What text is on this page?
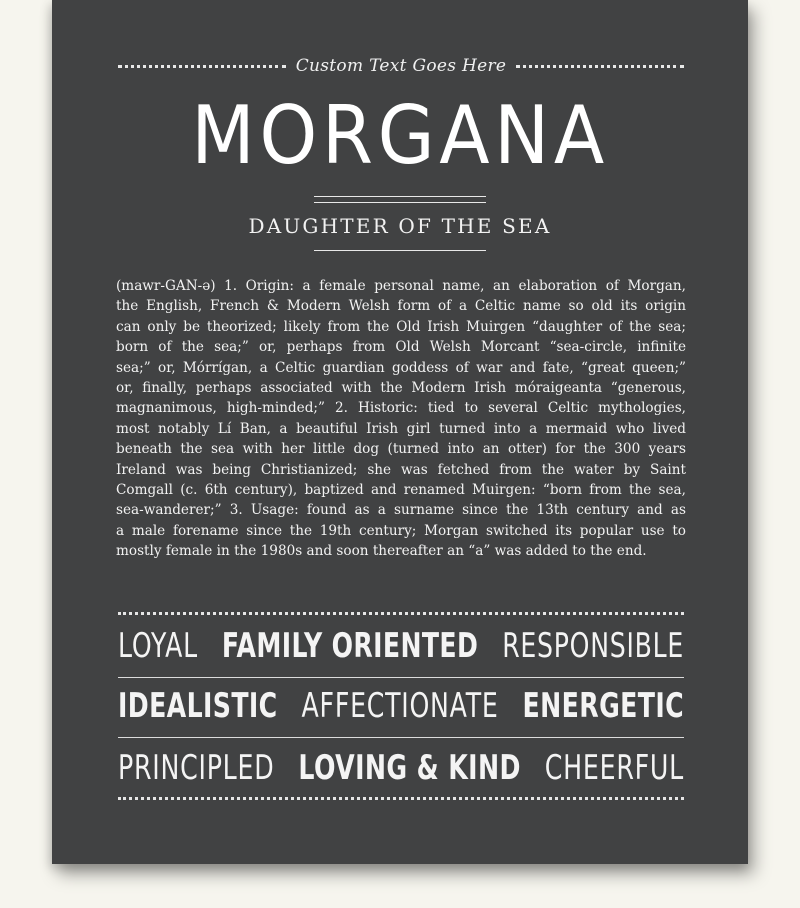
Custom Text Goes Here
MORGANA
DAUGHTER OF THE SEA
(mawr-GAN-ə) 1. Origin: a female personal name, an elaboration of Morgan,
the English, French & Modern Welsh form of a Celtic name so old its origin
can only be theorized; likely from the Old Irish Muirgen “daughter of the sea;
born of the sea;” or, perhaps from Old Welsh Morcant “sea-circle, infinite
sea;” or, Mórrígan, a Celtic guardian goddess of war and fate, “great queen;”
or, finally, perhaps associated with the Modern Irish móraigeanta “generous,
magnanimous, high-minded;” 2. Historic: tied to several Celtic mythologies,
most notably Lí Ban, a beautiful Irish girl turned into a mermaid who lived
beneath the sea with her little dog (turned into an otter) for the 300 years
Ireland was being Christianized; she was fetched from the water by Saint
Comgall (c. 6th century), baptized and renamed Muirgen: “born from the sea,
sea-wanderer;” 3. Usage: found as a surname since the 13th century and as
a male forename since the 19th century; Morgan switched its popular use to
mostly female in the 1980s and soon thereafter an “a” was added to the end.
LOYAL FAMILY ORIENTED RESPONSIBLE
IDEALISTIC AFFECTIONATE ENERGETIC
PRINCIPLED LOVING & KIND CHEERFUL
